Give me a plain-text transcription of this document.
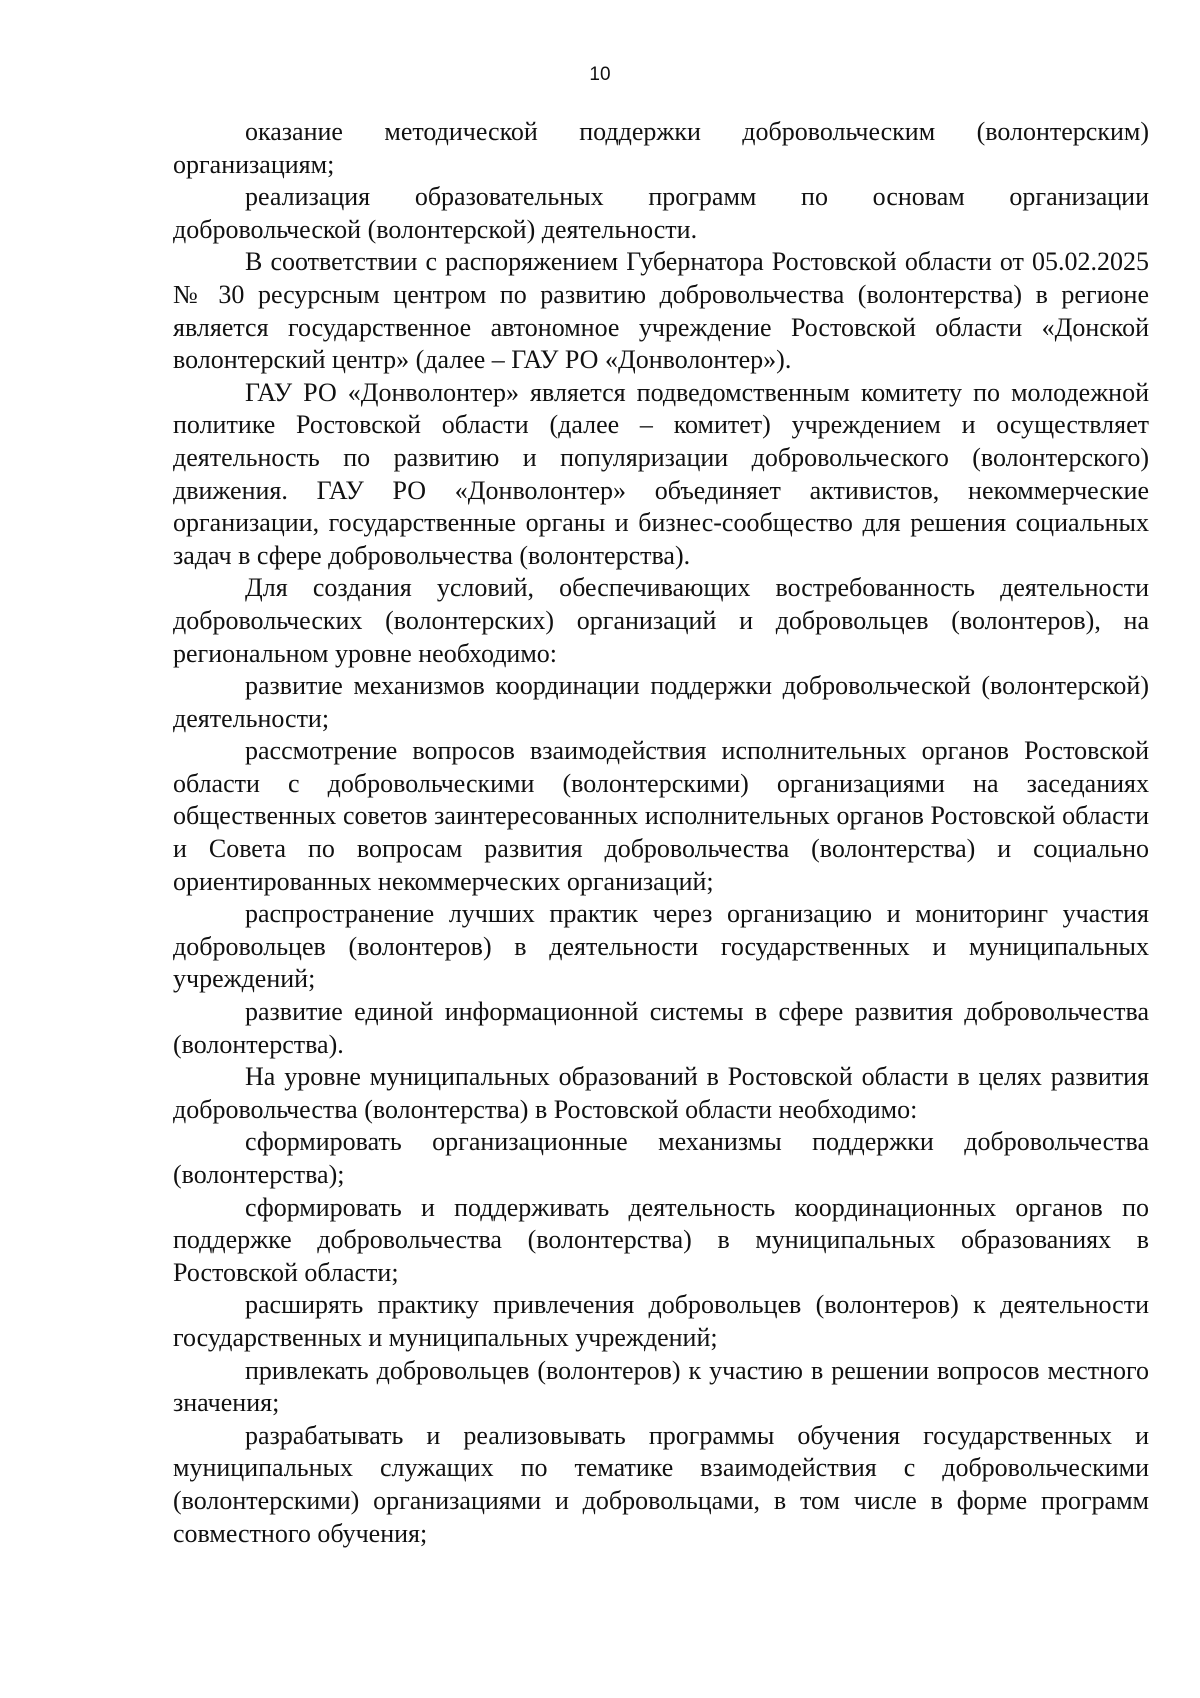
10

оказание методической поддержки добровольческим (волонтерским) организациям;

реализация образовательных программ по основам организации добровольческой (волонтерской) деятельности.

В соответствии с распоряжением Губернатора Ростовской области от 05.02.2025 № 30 ресурсным центром по развитию добровольчества (волонтерства) в регионе является государственное автономное учреждение Ростовской области «Донской волонтерский центр» (далее – ГАУ РО «Донволонтер»).

ГАУ РО «Донволонтер» является подведомственным комитету по молодежной политике Ростовской области (далее – комитет) учреждением и осуществляет деятельность по развитию и популяризации добровольческого (волонтерского) движения. ГАУ РО «Донволонтер» объединяет активистов, некоммерческие организации, государственные органы и бизнес-сообщество для решения социальных задач в сфере добровольчества (волонтерства).

Для создания условий, обеспечивающих востребованность деятельности добровольческих (волонтерских) организаций и добровольцев (волонтеров), на региональном уровне необходимо:

развитие механизмов координации поддержки добровольческой (волонтерской) деятельности;

рассмотрение вопросов взаимодействия исполнительных органов Ростовской области с добровольческими (волонтерскими) организациями на заседаниях общественных советов заинтересованных исполнительных органов Ростовской области и Совета по вопросам развития добровольчества (волонтерства) и социально ориентированных некоммерческих организаций;

распространение лучших практик через организацию и мониторинг участия добровольцев (волонтеров) в деятельности государственных и муниципальных учреждений;

развитие единой информационной системы в сфере развития добровольчества (волонтерства).

На уровне муниципальных образований в Ростовской области в целях развития добровольчества (волонтерства) в Ростовской области необходимо:

сформировать организационные механизмы поддержки добровольчества (волонтерства);

сформировать и поддерживать деятельность координационных органов по поддержке добровольчества (волонтерства) в муниципальных образованиях в Ростовской области;

расширять практику привлечения добровольцев (волонтеров) к деятельности государственных и муниципальных учреждений;

привлекать добровольцев (волонтеров) к участию в решении вопросов местного значения;

разрабатывать и реализовывать программы обучения государственных и муниципальных служащих по тематике взаимодействия с добровольческими (волонтерскими) организациями и добровольцами, в том числе в форме программ совместного обучения;
